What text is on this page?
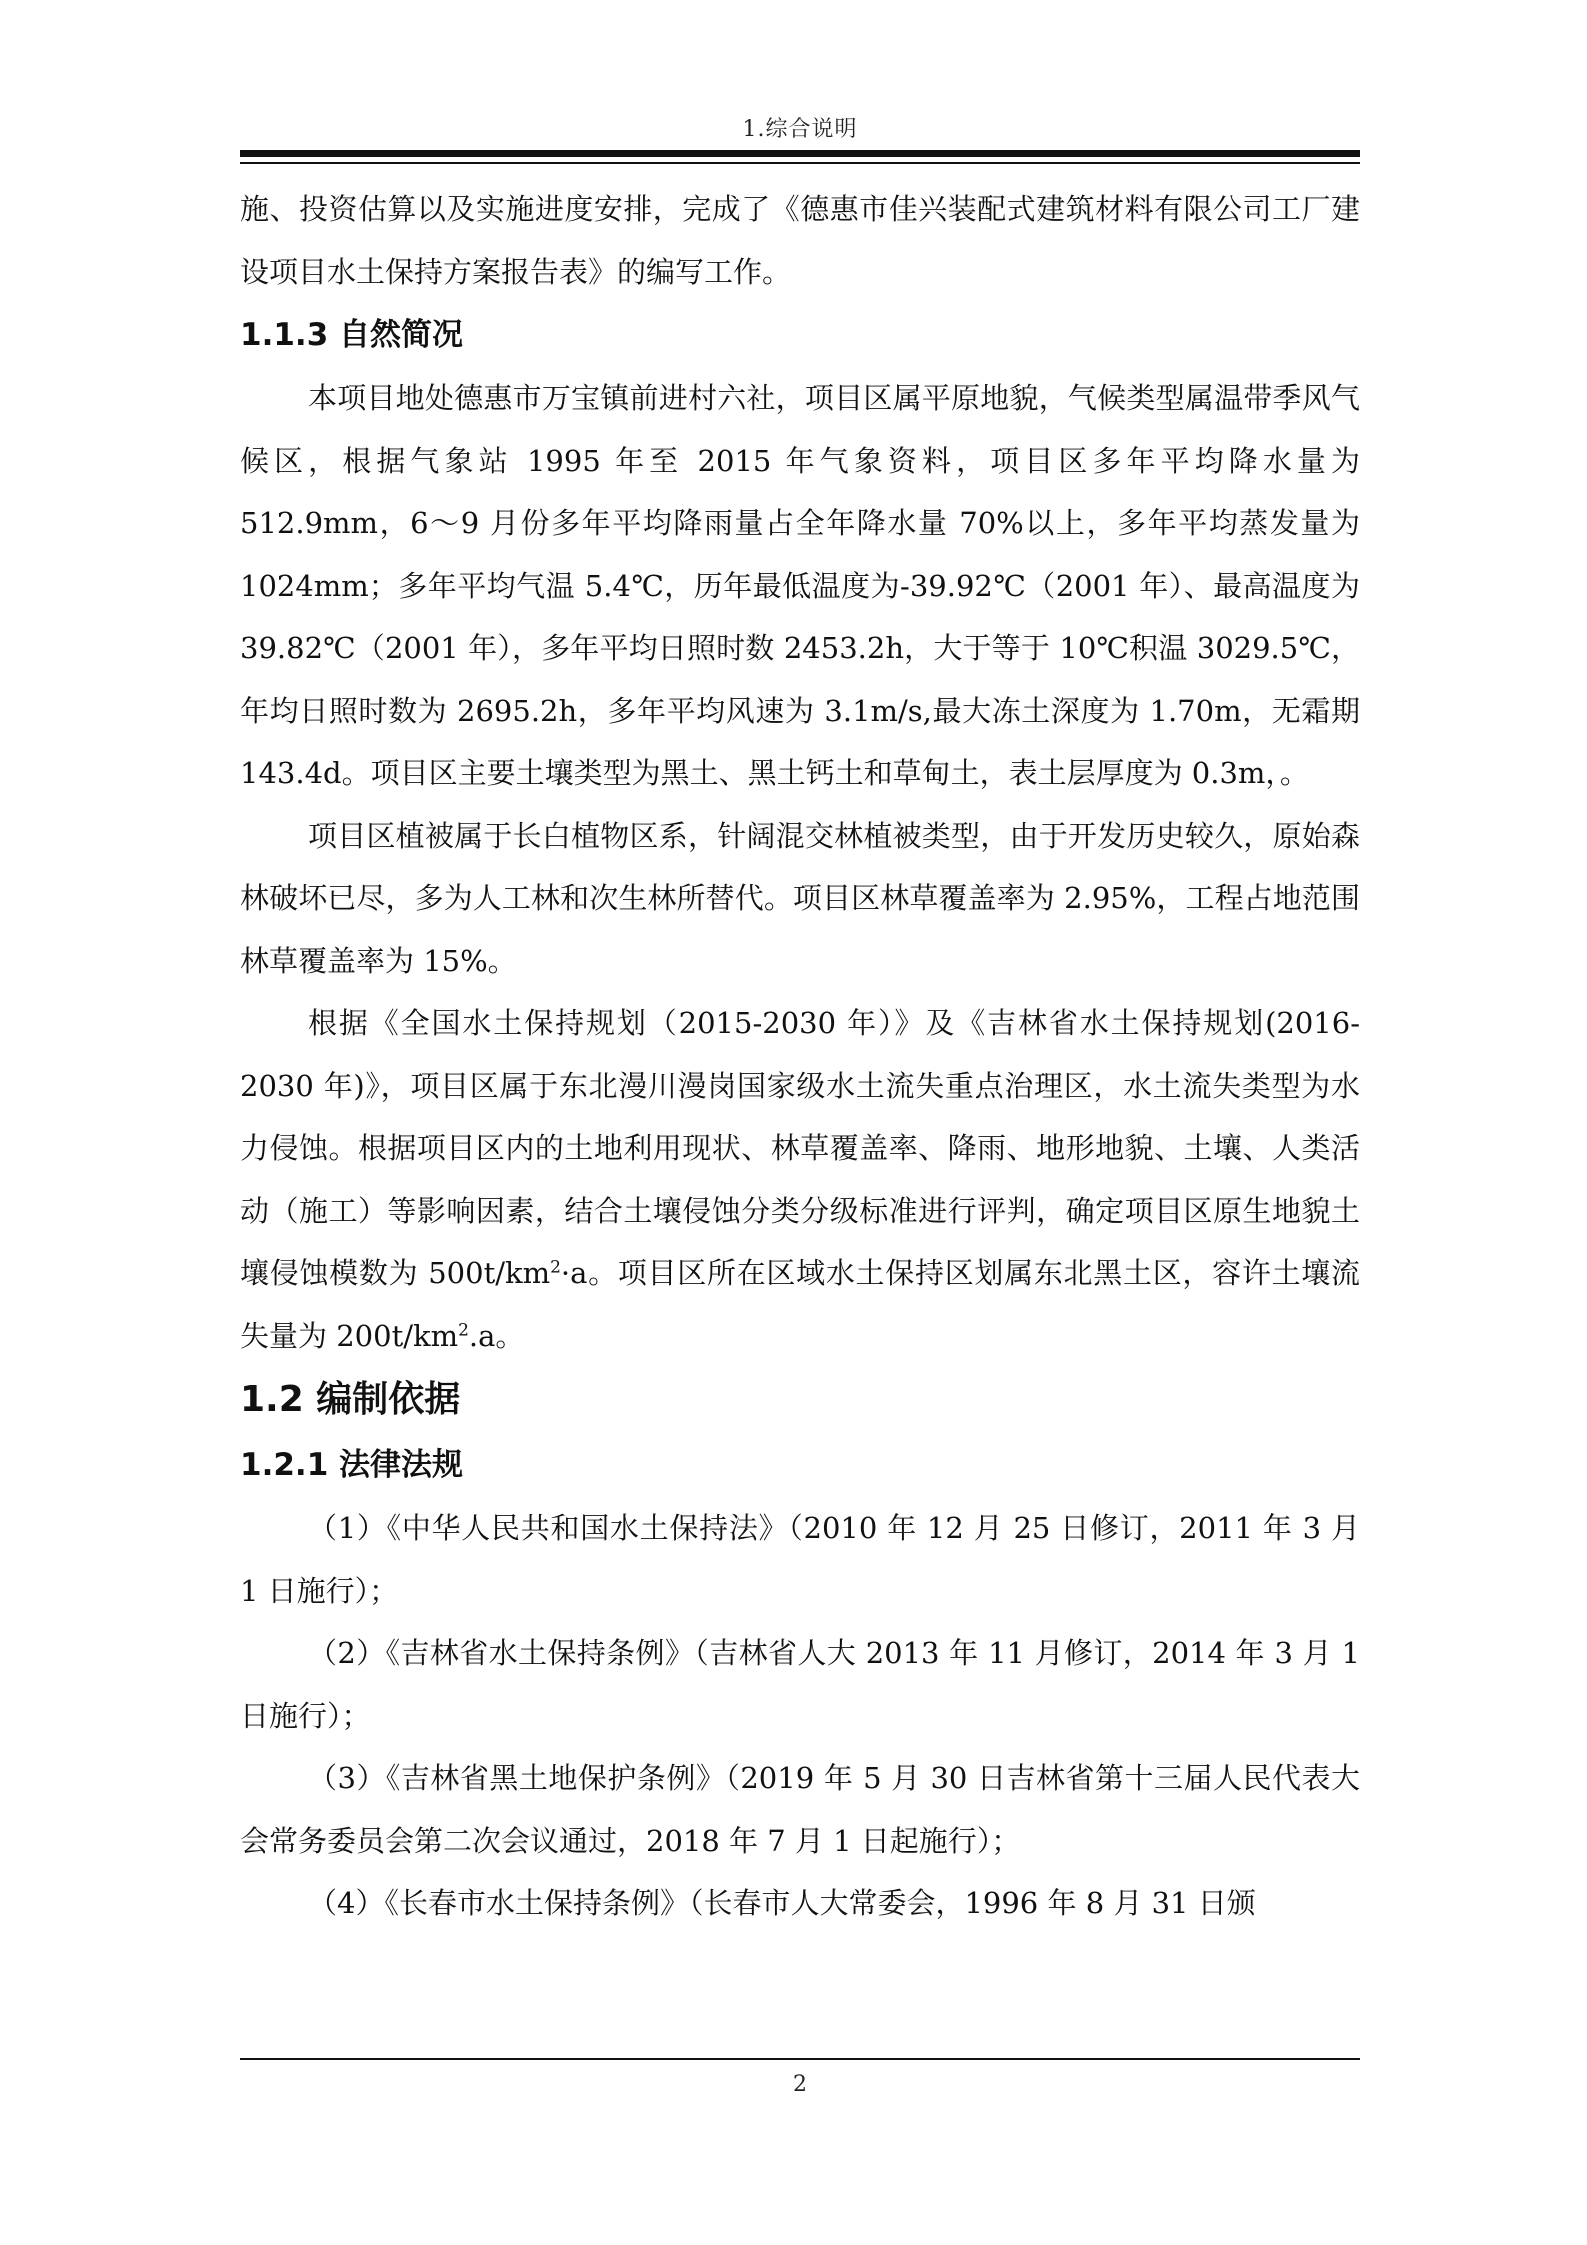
1.综合说明

施、投资估算以及实施进度安排，完成了《德惠市佳兴装配式建筑材料有限公司工厂建设项目水土保持方案报告表》的编写工作。

1.1.3 自然简况

本项目地处德惠市万宝镇前进村六社，项目区属平原地貌，气候类型属温带季风气候区，根据气象站 1995 年至 2015 年气象资料，项目区多年平均降水量为 512.9mm，6～9 月份多年平均降雨量占全年降水量 70%以上，多年平均蒸发量为 1024mm；多年平均气温 5.4℃，历年最低温度为-39.92℃（2001 年）、最高温度为 39.82℃（2001 年），多年平均日照时数 2453.2h，大于等于 10℃积温 3029.5℃，年均日照时数为 2695.2h，多年平均风速为 3.1m/s,最大冻土深度为 1.70m，无霜期 143.4d。项目区主要土壤类型为黑土、黑土钙土和草甸土，表土层厚度为 0.3m，。

项目区植被属于长白植物区系，针阔混交林植被类型，由于开发历史较久，原始森林破坏已尽，多为人工林和次生林所替代。项目区林草覆盖率为 2.95%，工程占地范围林草覆盖率为 15%。

根据《全国水土保持规划（2015-2030 年）》及《吉林省水土保持规划(2016-2030 年)》，项目区属于东北漫川漫岗国家级水土流失重点治理区，水土流失类型为水力侵蚀。根据项目区内的土地利用现状、林草覆盖率、降雨、地形地貌、土壤、人类活动（施工）等影响因素，结合土壤侵蚀分类分级标准进行评判，确定项目区原生地貌土壤侵蚀模数为 $500t/km^2\cdot a$。项目区所在区域水土保持区划属东北黑土区，容许土壤流失量为 $200t/km^2.a$。

1.2 编制依据

1.2.1 法律法规

（1）《中华人民共和国水土保持法》（2010 年 12 月 25 日修订，2011 年 3 月 1 日施行）；

（2）《吉林省水土保持条例》（吉林省人大 2013 年 11 月修订，2014 年 3 月 1 日施行）；

（3）《吉林省黑土地保护条例》（2019 年 5 月 30 日吉林省第十三届人民代表大会常务委员会第二次会议通过，2018 年 7 月 1 日起施行）；

（4）《长春市水土保持条例》（长春市人大常委会，1996 年 8 月 31 日颁

2
